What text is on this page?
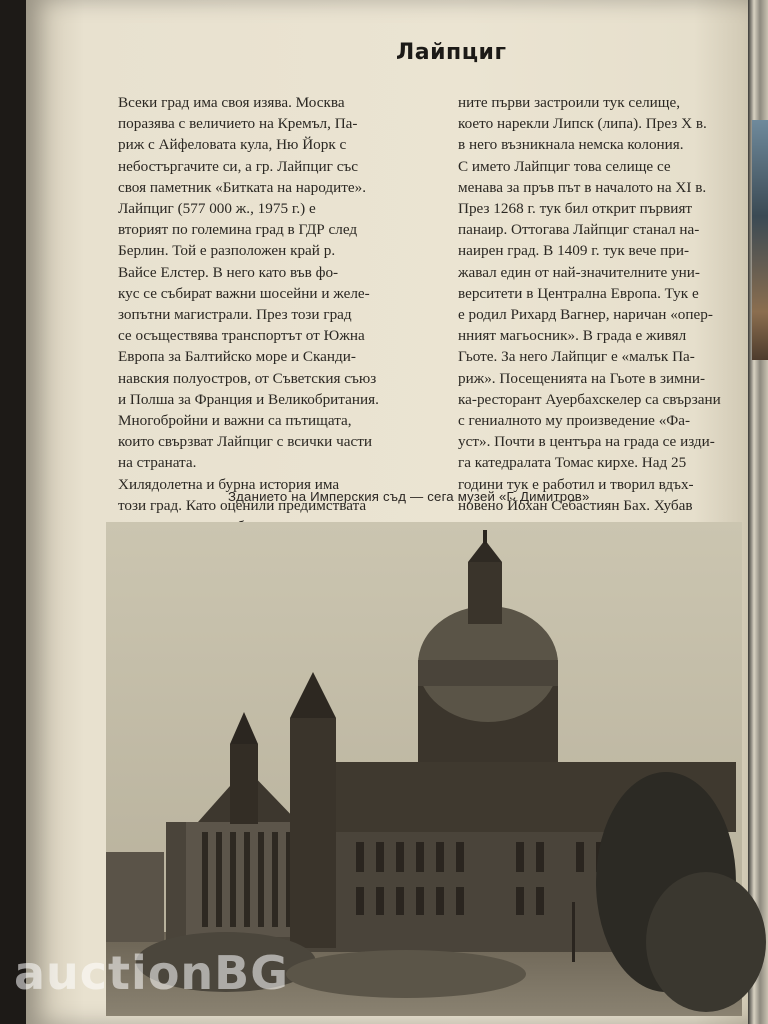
Лайпциг
Всеки град има своя изява. Москва
поразява с величието на Кремъл, Па-
риж с Айфеловата кула, Ню Йорк с
небостъргачите си, а гр. Лайпциг със
своя паметник «Битката на народите».
Лайпциг (577 000 ж., 1975 г.) е
вторият по големина град в ГДР след
Берлин. Той е разположен край р.
Вайсе Елстер. В него като във фо-
кус се събират важни шосейни и желе-
зопътни магистрали. През този град
се осъществява транспортът от Южна
Европа за Балтийско море и Сканди-
навския полуостров, от Съветския съюз
и Полша за Франция и Великобритания.
Многобройни и важни са пътищата,
които свързват Лайпциг с всички части
на страната.
Хилядолетна и бурна история има
този град. Като оценили предимствата
ните първи застроили тук селище,
което нарекли Липск (липа). През X в.
в него възникнала немска колония.
С името Лайпциг това селище се
менава за пръв път в началото на XI в.
През 1268 г. тук бил открит първият
панаир. Оттогава Лайпциг станал на-
наирен град. В 1409 г. тук вече при-
жавал един от най-значителните уни-
верситети в Централна Европа. Тук е
е родил Рихард Вагнер, наричан «опер-
нният магьосник». В града е живял
Гьоте. За него Лайпциг е «малък Па-
риж». Посещенията на Гьоте в зимни-
ка-ресторант Ауербахскелер са свързани
с гениалното му произведение «Фа-
уст». Почти в центъра на града се изди-
га катедралата Томас кирхе. Над 25
години тук е работил и творил вдъх-
новено Йохан Себастиян Бах. Хубав
Зданието на Имперския съд — сега музей «Г. Димитров»
auctionBG
